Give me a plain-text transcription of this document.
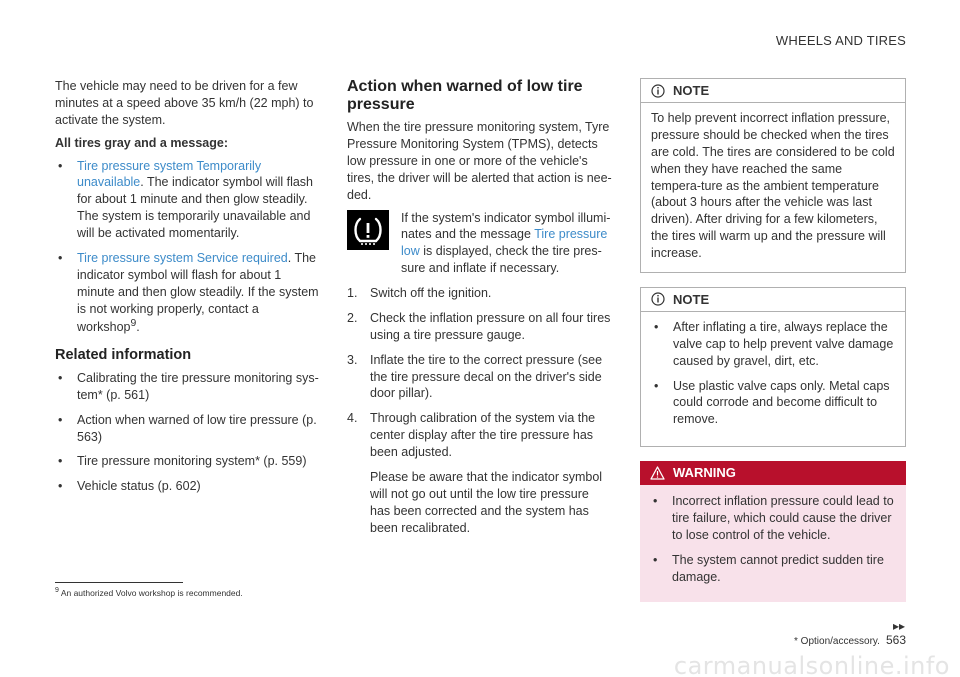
WHEELS AND TIRES

The vehicle may need to be driven for a few minutes at a speed above 35 km/h (22 mph) to activate the system.

All tires gray and a message:

• Tire pressure system Temporarily unavailable. The indicator symbol will flash for about 1 minute and then glow steadily. The system is temporarily unavailable and will be activated momentarily.
• Tire pressure system Service required. The indicator symbol will flash for about 1 minute and then glow steadily. If the system is not working properly, contact a workshop$^9$.
Related information
• Calibrating the tire pressure monitoring sys-tem* (p. 561)
• Action when warned of low tire pressure (p. 563)
• Tire pressure monitoring system* (p. 559)
• Vehicle status (p. 602)
Action when warned of low tire pressure

When the tire pressure monitoring system, Tyre Pressure Monitoring System (TPMS), detects low pressure in one or more of the vehicle's tires, the driver will be alerted that action is nee-ded.

If the system's indicator symbol illumi-nates and the message Tire pressure low is displayed, check the tire pres-sure and inflate if necessary.
1. Switch off the ignition.
2. Check the inflation pressure on all four tires using a tire pressure gauge.
3. Inflate the tire to the correct pressure (see the tire pressure decal on the driver's side door pillar).
4. Through calibration of the system via the center display after the tire pressure has been adjusted.

Please be aware that the indicator symbol will not go out until the low tire pressure has been corrected and the system has been recalibrated.

NOTE
To help prevent incorrect inflation pressure, pressure should be checked when the tires are cold. The tires are considered to be cold when they have reached the same tempera-ture as the ambient temperature (about 3 hours after the vehicle was last driven). After driving for a few kilometers, the tires will warm up and the pressure will increase.
NOTE
• After inflating a tire, always replace the valve cap to help prevent valve damage caused by gravel, dirt, etc.
• Use plastic valve caps only. Metal caps could corrode and become difficult to remove.
WARNING
• Incorrect inflation pressure could lead to tire failure, which could cause the driver to lose control of the vehicle.
• The system cannot predict sudden tire damage.
$^9$ An authorized Volvo workshop is recommended.
▸▸
* Option/accessory. 563
carmanualsonline.info
